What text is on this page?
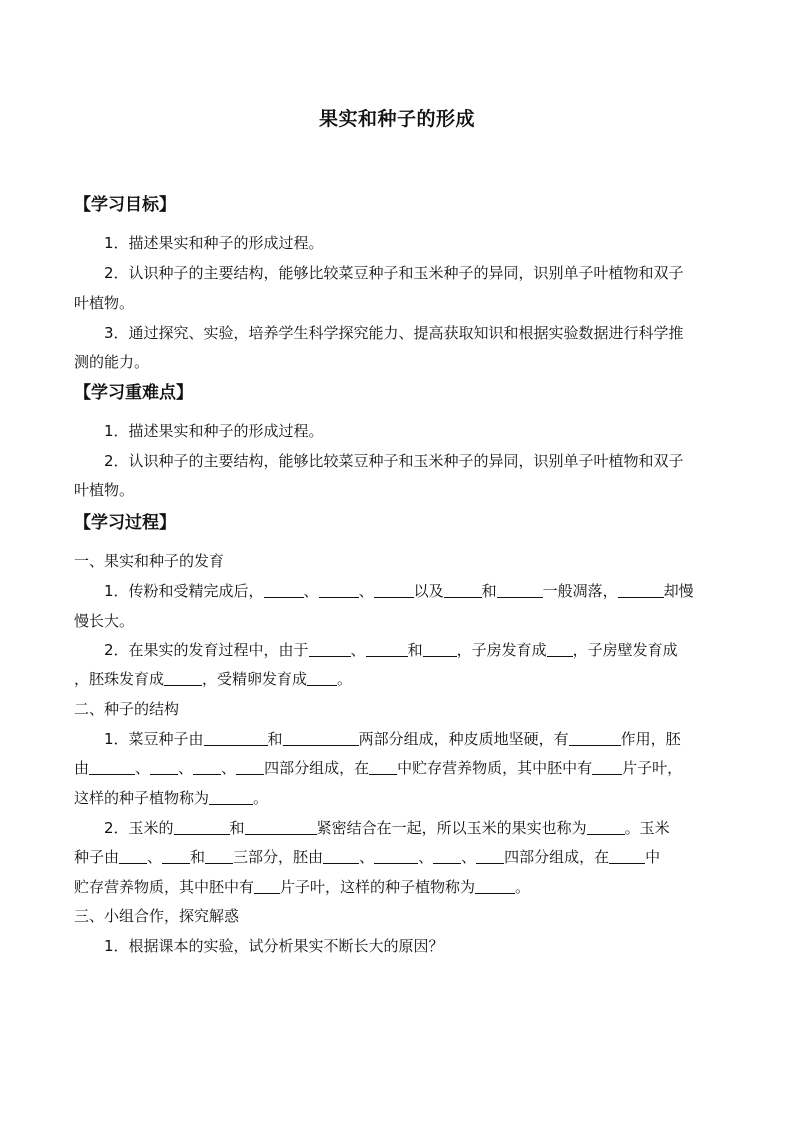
果实和种子的形成
【学习目标】
1．描述果实和种子的形成过程。
2．认识种子的主要结构，能够比较菜豆种子和玉米种子的异同，识别单子叶植物和双子
叶植物。
3．通过探究、实验，培养学生科学探究能力、提高获取知识和根据实验数据进行科学推
测的能力。
【学习重难点】
1．描述果实和种子的形成过程。
2．认识种子的主要结构，能够比较菜豆种子和玉米种子的异同，识别单子叶植物和双子
叶植物。
【学习过程】
一、果实和种子的发育
1．传粉和受精完成后，	、	、	以及	和	一般凋落，	却慢
慢长大。
2．在果实的发育过程中，由于	、	和 ，子房发育成 ，子房壁发育成
，胚珠发育成	，受精卵发育成 。
二、种子的结构
1．菜豆种子由	和	两部分组成，种皮质地坚硬，有	作用，胚
由	、 、 、 四部分组成，在 中贮存营养物质，其中胚中有 片子叶，
这样的种子植物称为	。
2．玉米的	和	紧密结合在一起，所以玉米的果实也称为	。玉米
种子由 、 和 三部分，胚由 、	、 、 四部分组成，在 中
贮存营养物质，其中胚中有 片子叶，这样的种子植物称为	。
三、小组合作，探究解惑
1．根据课本的实验，试分析果实不断长大的原因？
